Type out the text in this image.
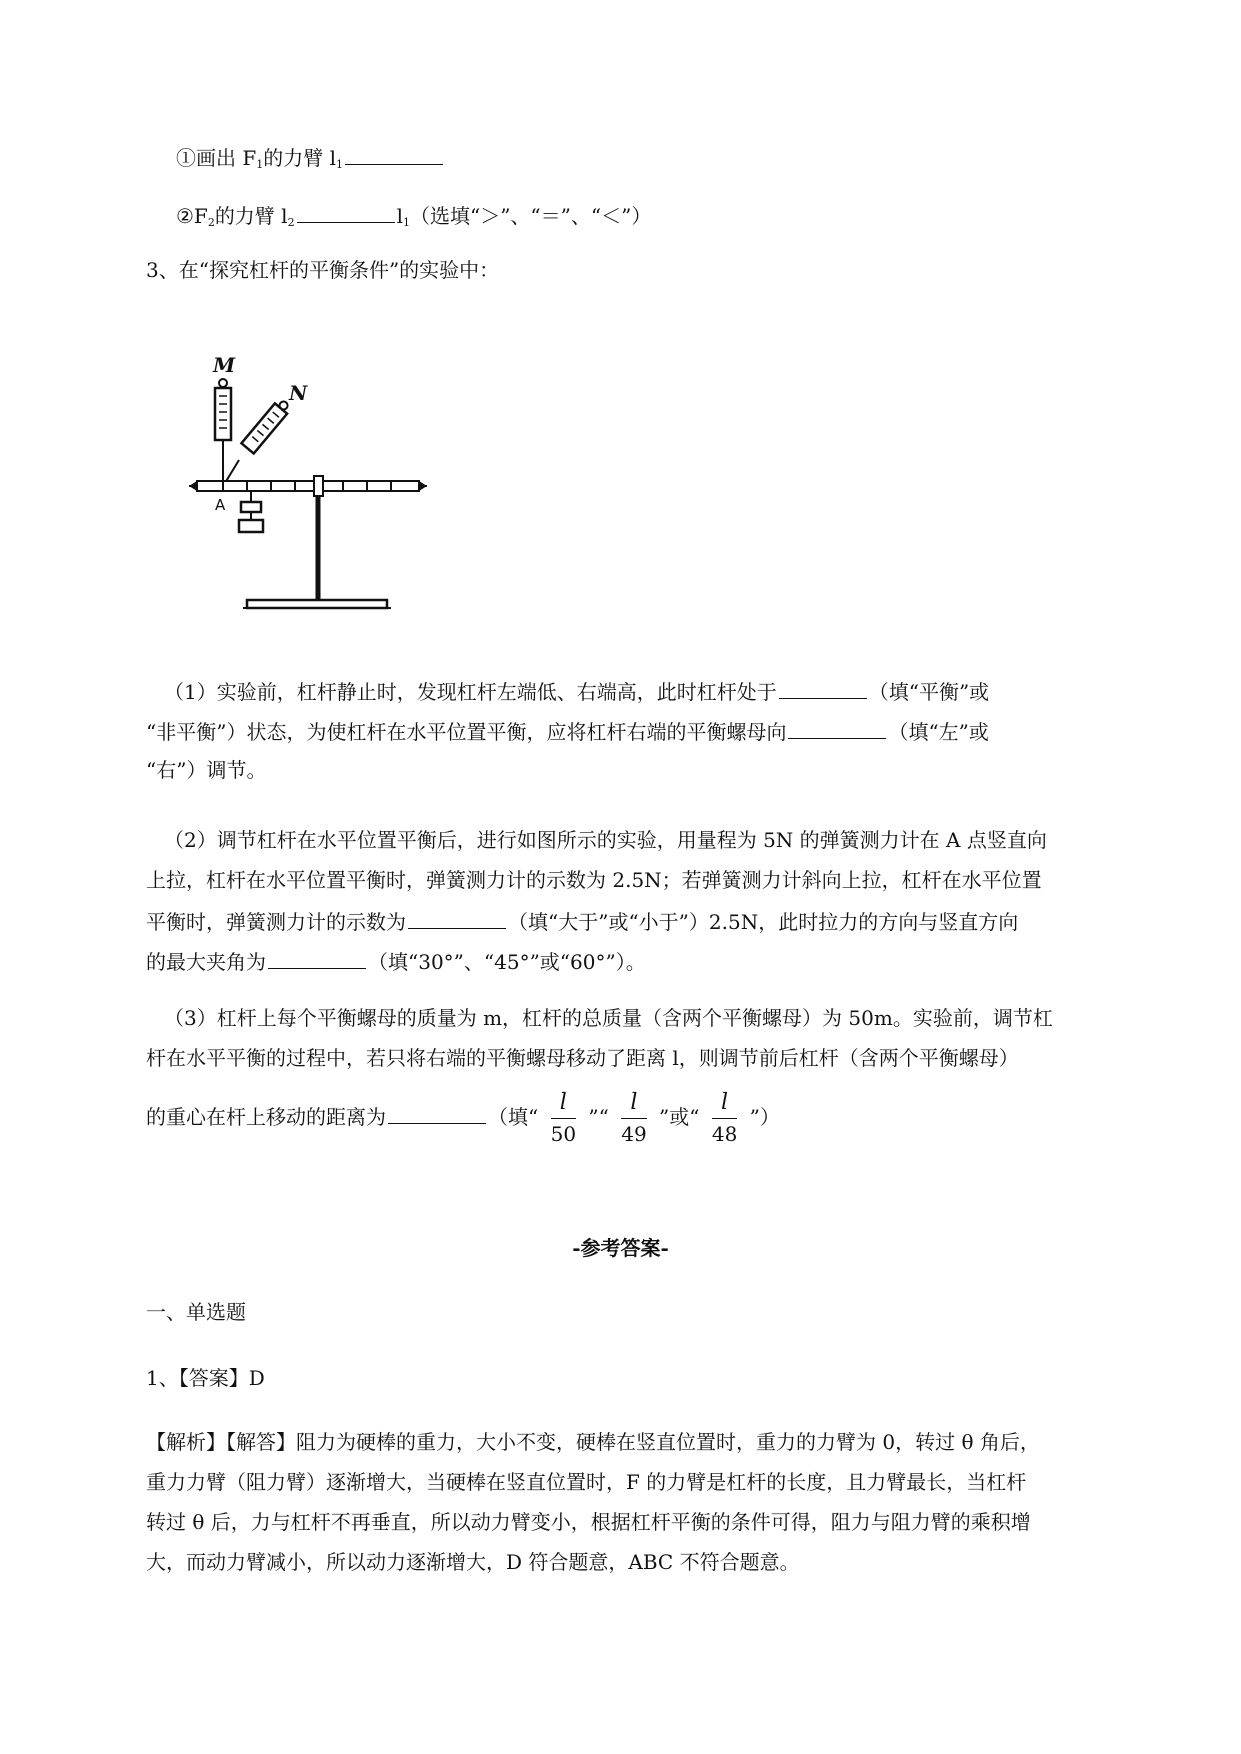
①画出 $F_1$的力臂 $l_1$
$②F_2$的力臂 $l_2$	$l_1$（选填“＞”、“＝”、“＜”）
3、在“探究杠杆的平衡条件”的实验中：
M
N
A
（1）实验前，杠杆静止时，发现杠杆左端低、右端高，此时杠杆处于	（填“平衡”或
“非平衡”）状态，为使杠杆在水平位置平衡，应将杠杆右端的平衡螺母向	（填“左”或
“右”）调节。
（2）调节杠杆在水平位置平衡后，进行如图所示的实验，用量程为 5N 的弹簧测力计在 A 点竖直向
上拉，杠杆在水平位置平衡时，弹簧测力计的示数为 2.5N；若弹簧测力计斜向上拉，杠杆在水平位置
平衡时，弹簧测力计的示数为	（填“大于”或“小于”）2.5N，此时拉力的方向与竖直方向
的最大夹角为	（填“30°”、“45°”或“60°”）。
（3）杠杆上每个平衡螺母的质量为 m，杠杆的总质量（含两个平衡螺母）为 50m。实验前，调节杠
杆在水平平衡的过程中，若只将右端的平衡螺母移动了距离 l，则调节前后杠杆（含两个平衡螺母）
的重心在杆上移动的距离为	（填“ $\frac{l}{50}$ ”“ $\frac{l}{49}$ ”或“ $\frac{l}{48}$ ”）
-参考答案-
一、单选题
1、【答案】D
【解析】【解答】阻力为硬棒的重力，大小不变，硬棒在竖直位置时，重力的力臂为 0，转过 θ 角后，
重力力臂（阻力臂）逐渐增大，当硬棒在竖直位置时，F 的力臂是杠杆的长度，且力臂最长，当杠杆
转过 θ 后，力与杠杆不再垂直，所以动力臂变小，根据杠杆平衡的条件可得，阻力与阻力臂的乘积增
大，而动力臂减小，所以动力逐渐增大，D 符合题意，ABC 不符合题意。
